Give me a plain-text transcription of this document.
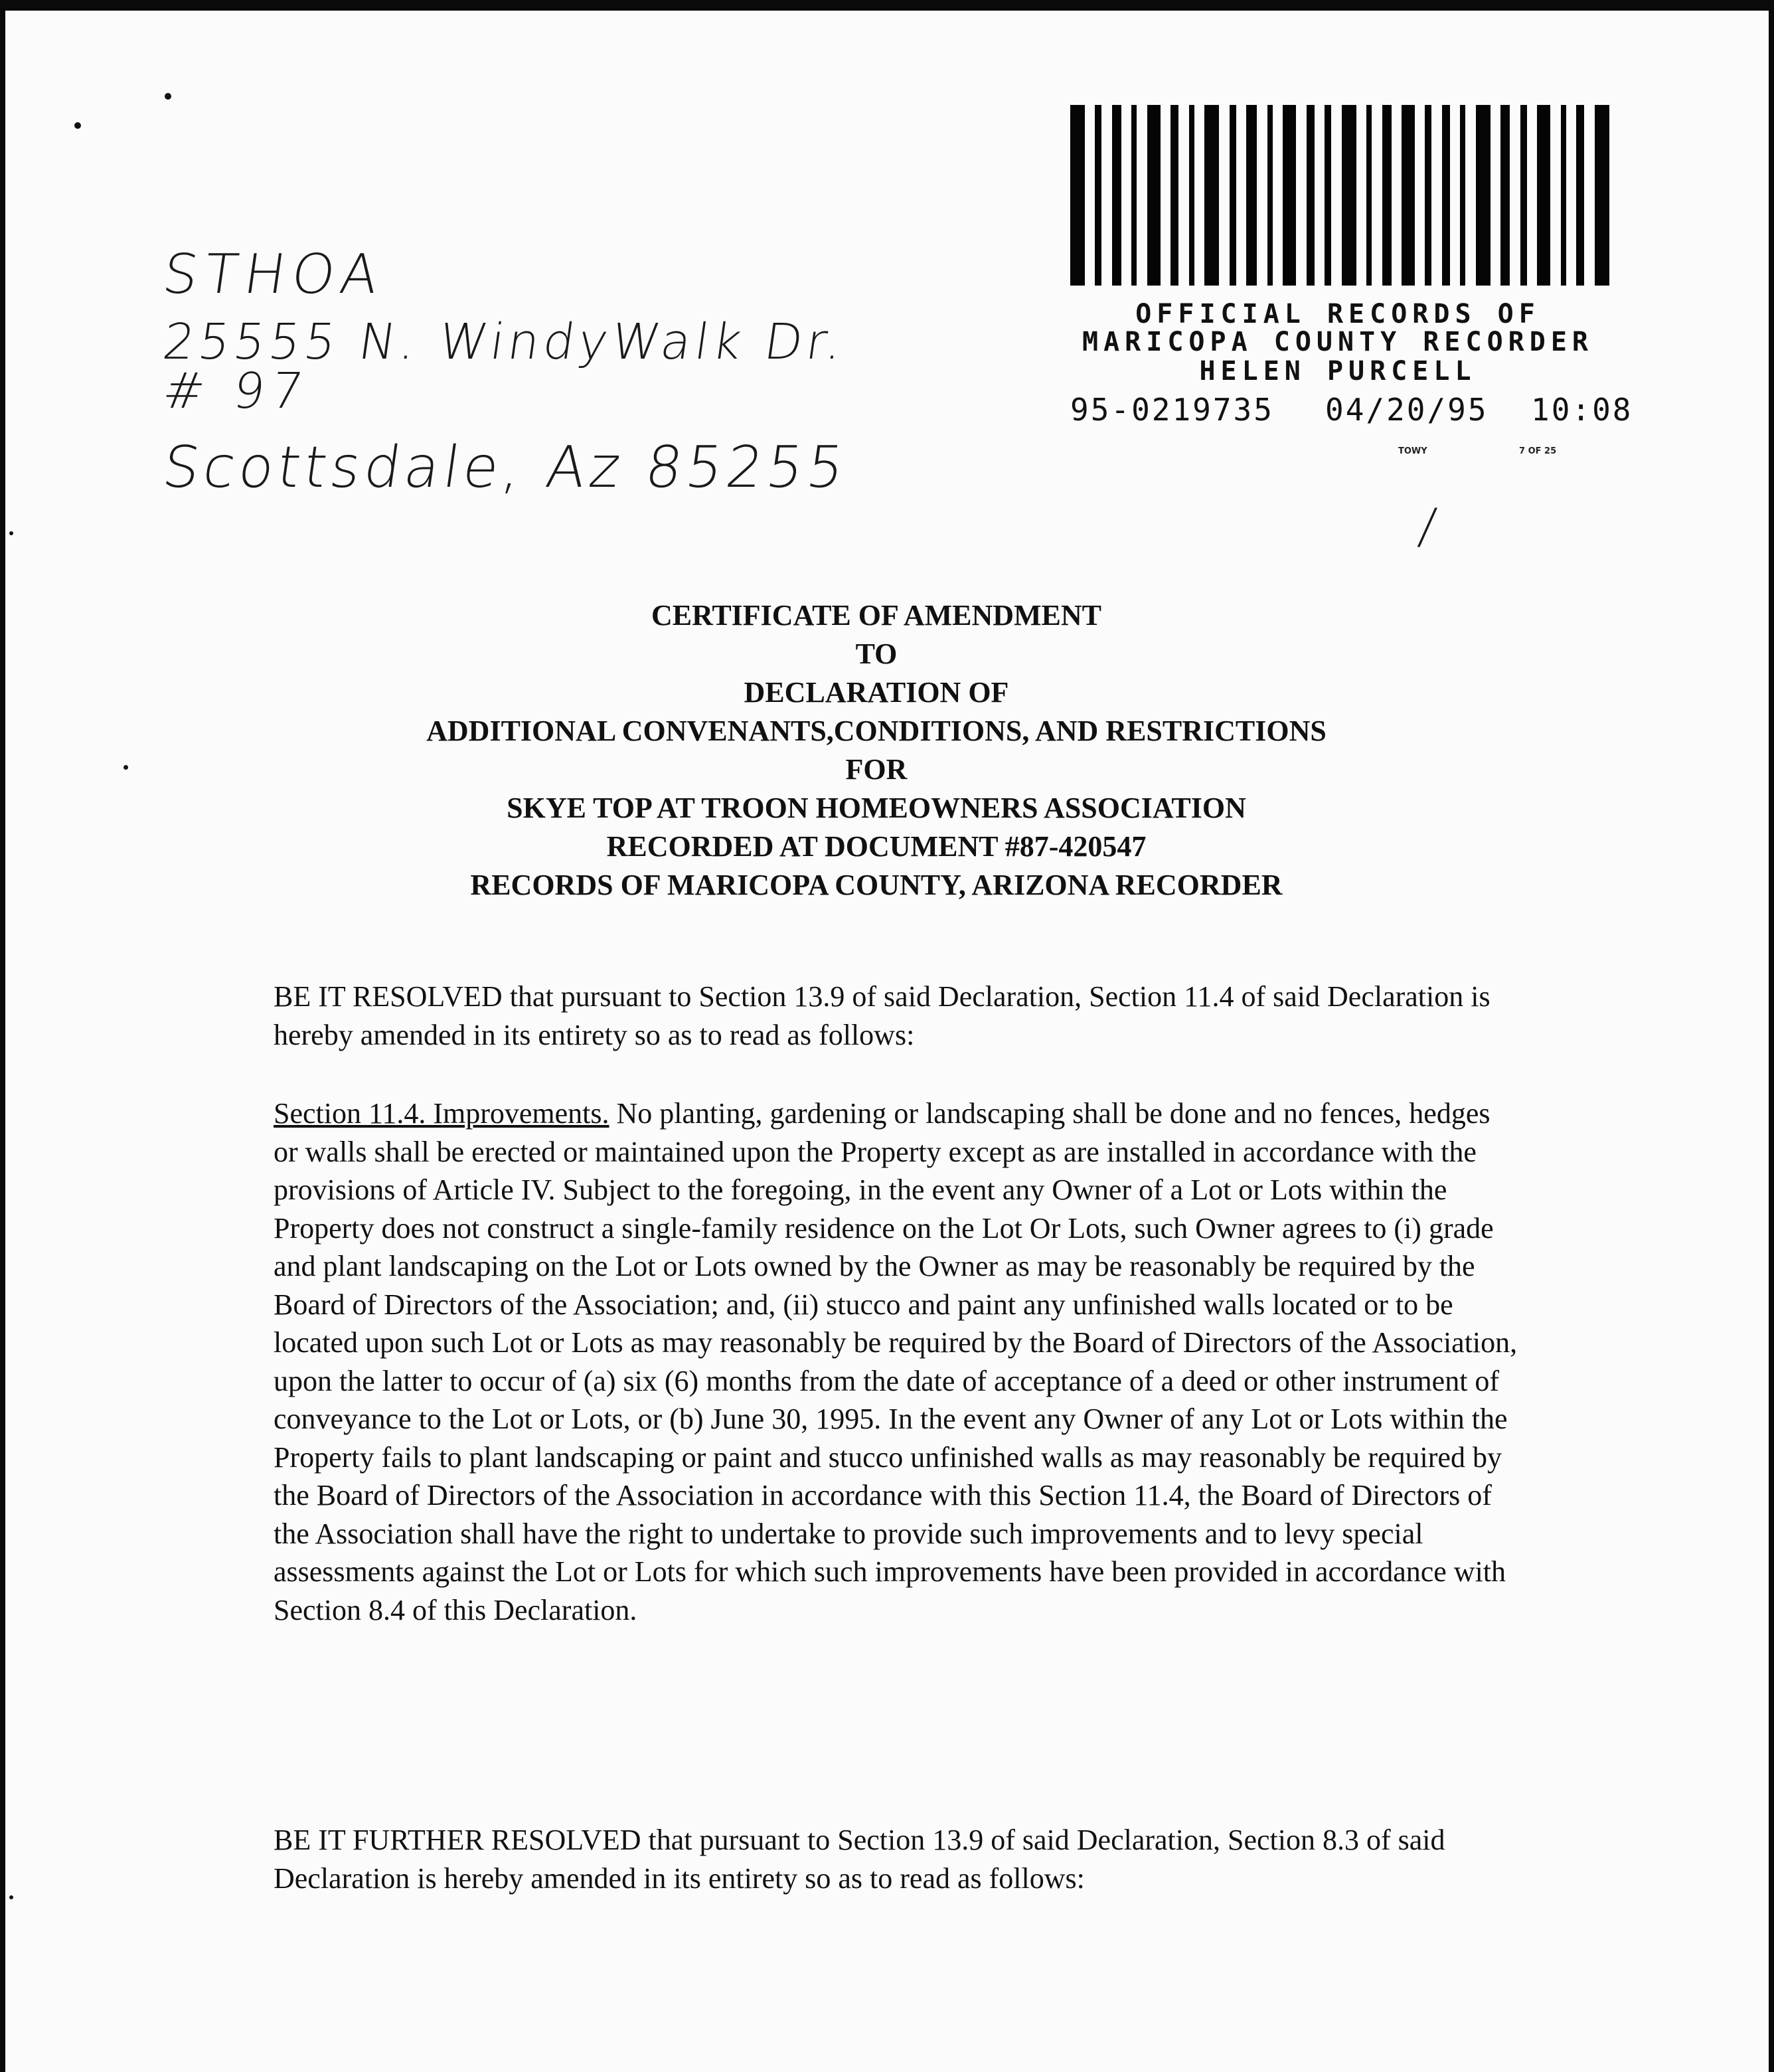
STHOA
25555 N. WindyWalk Dr.
# 97
Scottsdale, Az 85255
OFFICIAL RECORDS OF
MARICOPA COUNTY RECORDER
HELEN PURCELL
95-0219735 04/20/95 10:08
TOWY	7 OF 25
/
CERTIFICATE OF AMENDMENT
TO
DECLARATION OF
ADDITIONAL CONVENANTS,CONDITIONS, AND RESTRICTIONS
FOR
SKYE TOP AT TROON HOMEOWNERS ASSOCIATION
RECORDED AT DOCUMENT #87-420547
RECORDS OF MARICOPA COUNTY, ARIZONA RECORDER

BE IT RESOLVED that pursuant to Section 13.9 of said Declaration, Section 11.4 of said Declaration is hereby amended in its entirety so as to read as follows:

Section 11.4. Improvements. No planting, gardening or landscaping shall be done and no fences, hedges or walls shall be erected or maintained upon the Property except as are installed in accordance with the provisions of Article IV. Subject to the foregoing, in the event any Owner of a Lot or Lots within the Property does not construct a single-family residence on the Lot Or Lots, such Owner agrees to (i) grade and plant landscaping on the Lot or Lots owned by the Owner as may be reasonably be required by the Board of Directors of the Association; and, (ii) stucco and paint any unfinished walls located or to be located upon such Lot or Lots as may reasonably be required by the Board of Directors of the Association, upon the latter to occur of (a) six (6) months from the date of acceptance of a deed or other instrument of conveyance to the Lot or Lots, or (b) June 30, 1995. In the event any Owner of any Lot or Lots within the Property fails to plant landscaping or paint and stucco unfinished walls as may reasonably be required by the Board of Directors of the Association in accordance with this Section 11.4, the Board of Directors of the Association shall have the right to undertake to provide such improvements and to levy special assessments against the Lot or Lots for which such improvements have been provided in accordance with Section 8.4 of this Declaration.

BE IT FURTHER RESOLVED that pursuant to Section 13.9 of said Declaration, Section 8.3 of said Declaration is hereby amended in its entirety so as to read as follows:
